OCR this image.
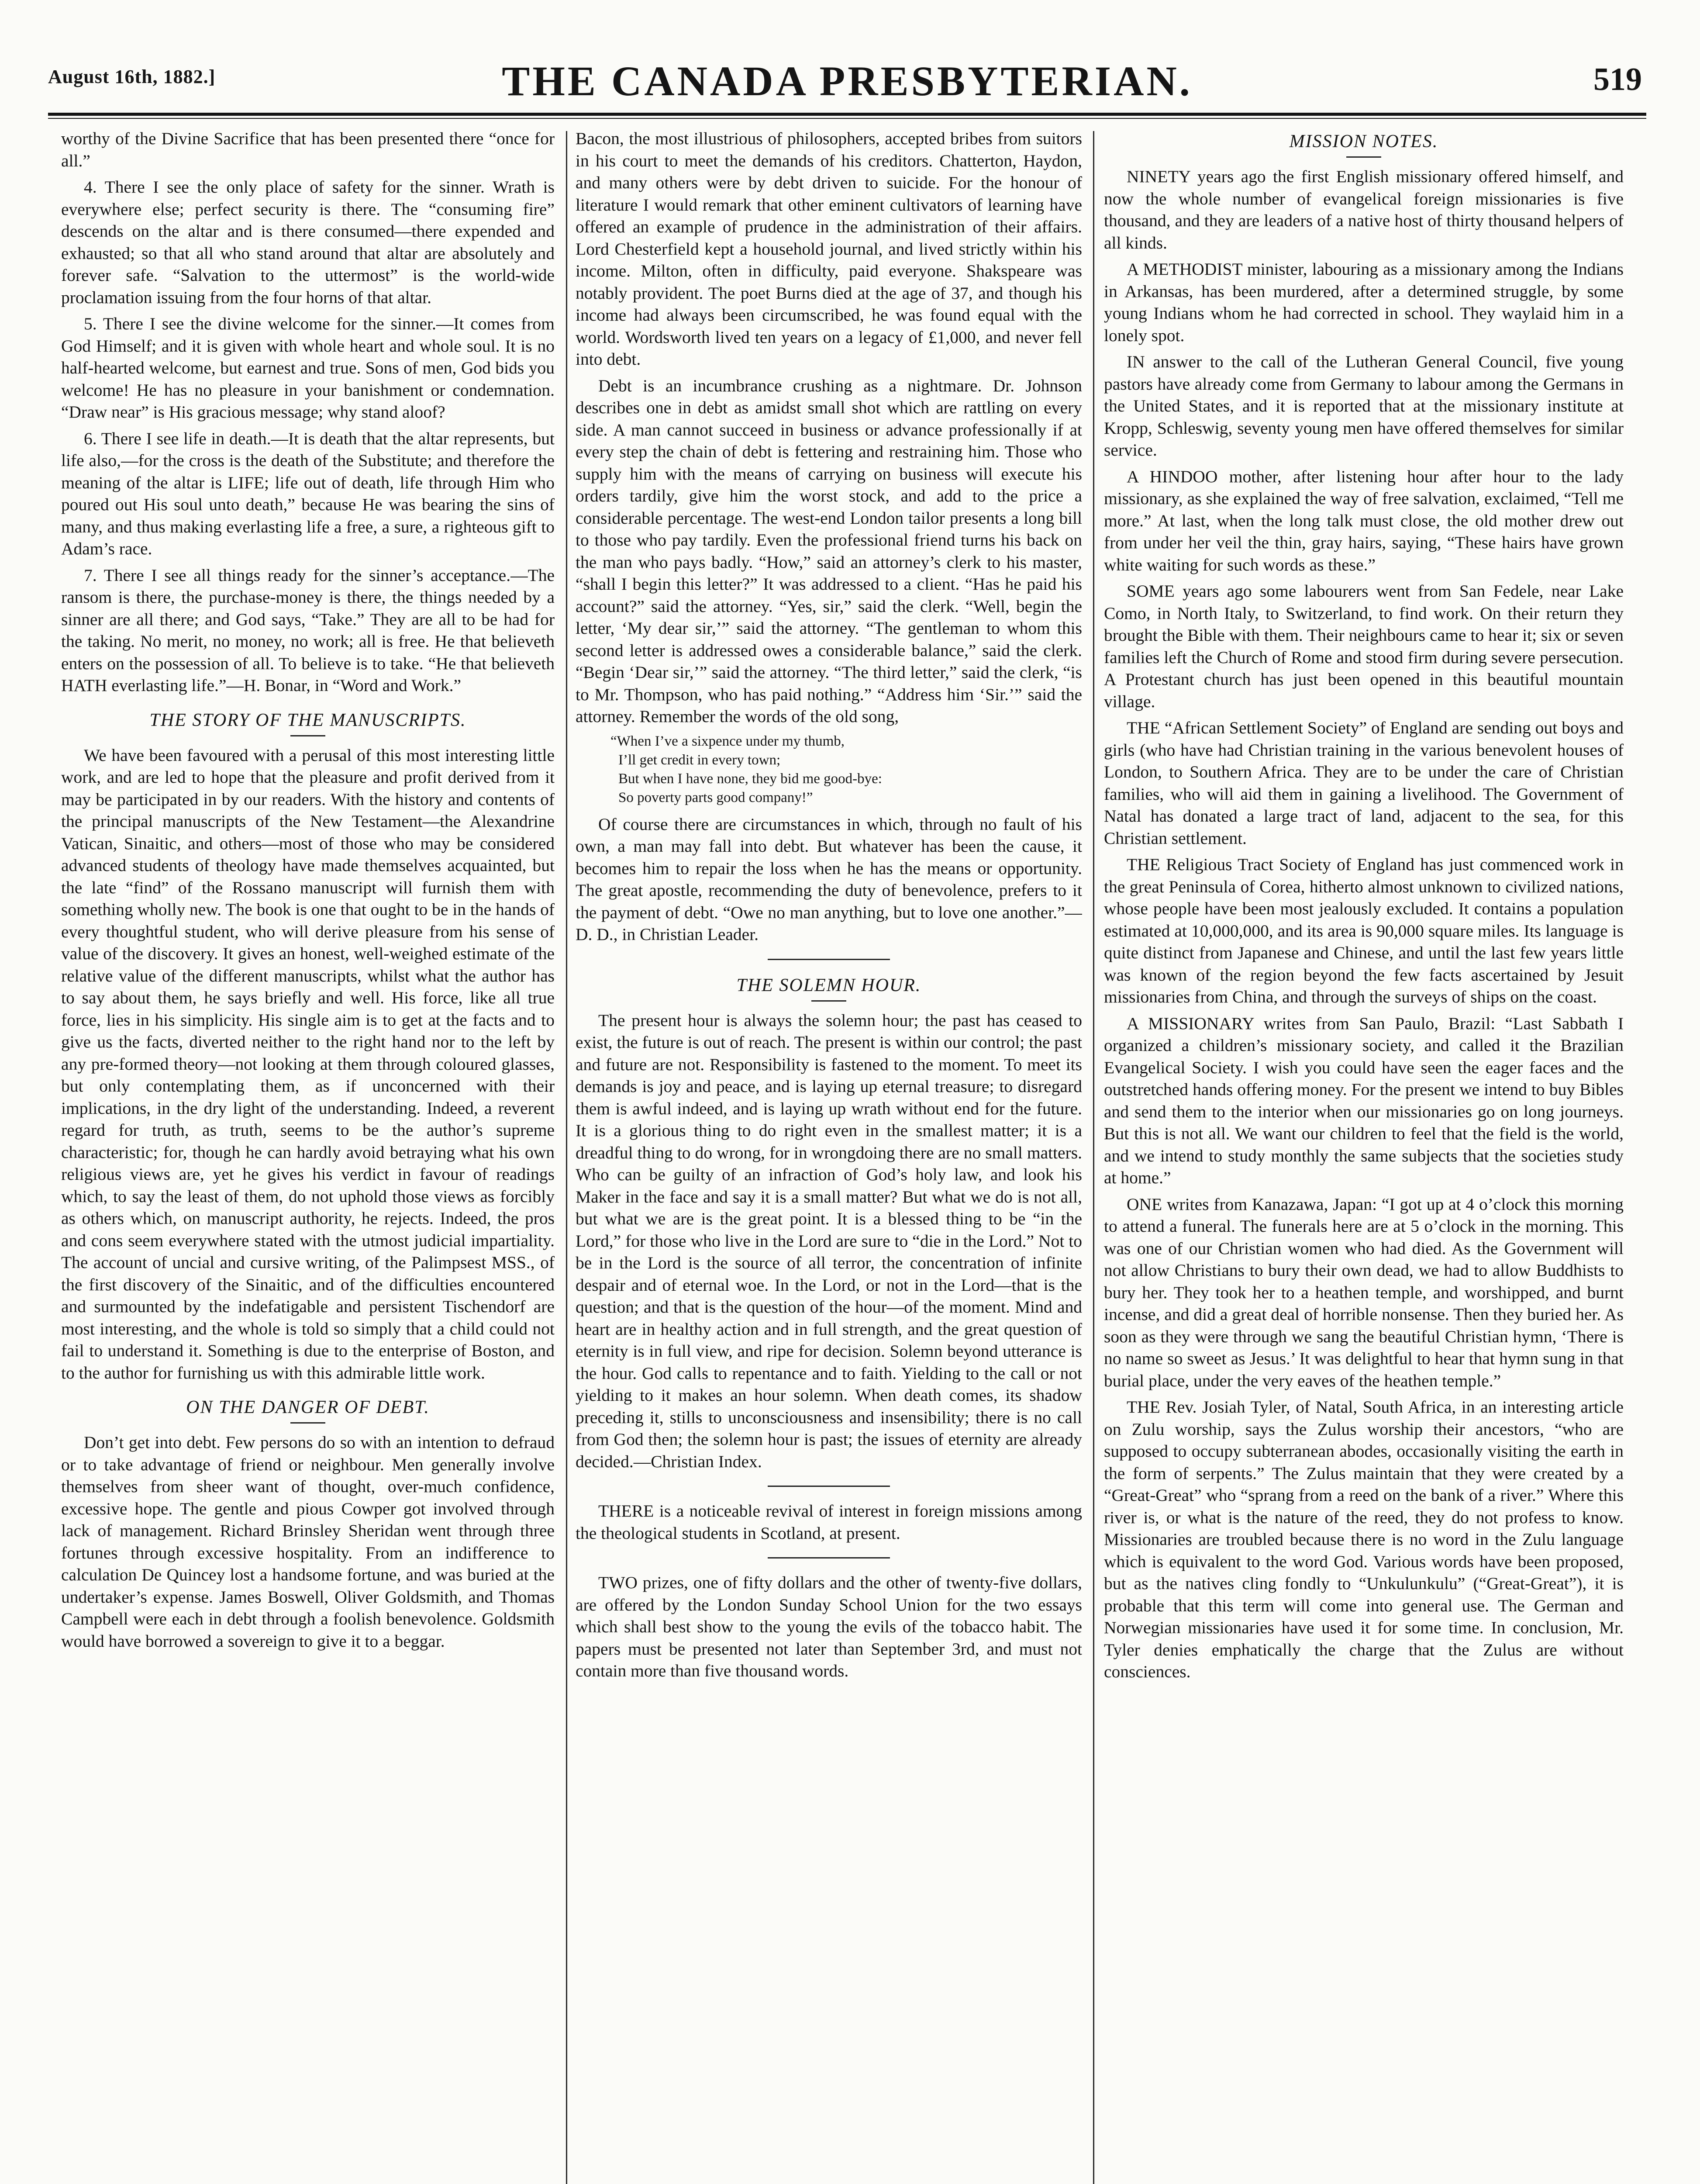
August 16th, 1882.]	THE CANADA PRESBYTERIAN.	519

worthy of the Divine Sacrifice that has been presented there “once for all.”

4. There I see the only place of safety for the sinner. Wrath is everywhere else; perfect security is there. The “consuming fire” descends on the altar and is there consumed—there expended and exhausted; so that all who stand around that altar are absolutely and forever safe. “Salvation to the uttermost” is the world-wide proclamation issuing from the four horns of that altar.

5. There I see the divine welcome for the sinner.—It comes from God Himself; and it is given with whole heart and whole soul. It is no half-hearted welcome, but earnest and true. Sons of men, God bids you welcome! He has no pleasure in your banishment or condemnation. “Draw near” is His gracious message; why stand aloof?

6. There I see life in death.—It is death that the altar represents, but life also,—for the cross is the death of the Substitute; and therefore the meaning of the altar is LIFE; life out of death, life through Him who poured out His soul unto death,” because He was bearing the sins of many, and thus making everlasting life a free, a sure, a righteous gift to Adam’s race.

7. There I see all things ready for the sinner’s acceptance.—The ransom is there, the purchase-money is there, the things needed by a sinner are all there; and God says, “Take.” They are all to be had for the taking. No merit, no money, no work; all is free. He that believeth enters on the possession of all. To believe is to take. “He that believeth HATH everlasting life.”—H. Bonar, in “Word and Work.”

THE STORY OF THE MANUSCRIPTS.

We have been favoured with a perusal of this most interesting little work, and are led to hope that the pleasure and profit derived from it may be participated in by our readers. With the history and contents of the principal manuscripts of the New Testament—the Alexandrine Vatican, Sinaitic, and others—most of those who may be considered advanced students of theology have made themselves acquainted, but the late “find” of the Rossano manuscript will furnish them with something wholly new. The book is one that ought to be in the hands of every thoughtful student, who will derive pleasure from his sense of value of the discovery. It gives an honest, well-weighed estimate of the relative value of the different manuscripts, whilst what the author has to say about them, he says briefly and well. His force, like all true force, lies in his simplicity. His single aim is to get at the facts and to give us the facts, diverted neither to the right hand nor to the left by any pre-formed theory—not looking at them through coloured glasses, but only contemplating them, as if unconcerned with their implications, in the dry light of the understanding. Indeed, a reverent regard for truth, as truth, seems to be the author’s supreme characteristic; for, though he can hardly avoid betraying what his own religious views are, yet he gives his verdict in favour of readings which, to say the least of them, do not uphold those views as forcibly as others which, on manuscript authority, he rejects. Indeed, the pros and cons seem everywhere stated with the utmost judicial impartiality. The account of uncial and cursive writing, of the Palimpsest MSS., of the first discovery of the Sinaitic, and of the difficulties encountered and surmounted by the indefatigable and persistent Tischendorf are most interesting, and the whole is told so simply that a child could not fail to understand it. Something is due to the enterprise of Boston, and to the author for furnishing us with this admirable little work.

ON THE DANGER OF DEBT.

Don’t get into debt. Few persons do so with an intention to defraud or to take advantage of friend or neighbour. Men generally involve themselves from sheer want of thought, over-much confidence, excessive hope. The gentle and pious Cowper got involved through lack of management. Richard Brinsley Sheridan went through three fortunes through excessive hospitality. From an indifference to calculation De Quincey lost a handsome fortune, and was buried at the undertaker’s expense. James Boswell, Oliver Goldsmith, and Thomas Campbell were each in debt through a foolish benevolence. Goldsmith would have borrowed a sovereign to give it to a beggar.

Bacon, the most illustrious of philosophers, accepted bribes from suitors in his court to meet the demands of his creditors. Chatterton, Haydon, and many others were by debt driven to suicide. For the honour of literature I would remark that other eminent cultivators of learning have offered an example of prudence in the administration of their affairs. Lord Chesterfield kept a household journal, and lived strictly within his income. Milton, often in difficulty, paid everyone. Shakspeare was notably provident. The poet Burns died at the age of 37, and though his income had always been circumscribed, he was found equal with the world. Wordsworth lived ten years on a legacy of £1,000, and never fell into debt.

Debt is an incumbrance crushing as a nightmare. Dr. Johnson describes one in debt as amidst small shot which are rattling on every side. A man cannot succeed in business or advance professionally if at every step the chain of debt is fettering and restraining him. Those who supply him with the means of carrying on business will execute his orders tardily, give him the worst stock, and add to the price a considerable percentage. The west-end London tailor presents a long bill to those who pay tardily. Even the professional friend turns his back on the man who pays badly. “How,” said an attorney’s clerk to his master, “shall I begin this letter?” It was addressed to a client. “Has he paid his account?” said the attorney. “Yes, sir,” said the clerk. “Well, begin the letter, ‘My dear sir,’” said the attorney. “The gentleman to whom this second letter is addressed owes a considerable balance,” said the clerk. “Begin ‘Dear sir,’” said the attorney. “The third letter,” said the clerk, “is to Mr. Thompson, who has paid nothing.” “Address him ‘Sir.’” said the attorney. Remember the words of the old song,

“When I’ve a sixpence under my thumb,
I’ll get credit in every town;
But when I have none, they bid me good-bye:
So poverty parts good company!”

Of course there are circumstances in which, through no fault of his own, a man may fall into debt. But whatever has been the cause, it becomes him to repair the loss when he has the means or opportunity. The great apostle, recommending the duty of benevolence, prefers to it the payment of debt. “Owe no man anything, but to love one another.”—D. D., in Christian Leader.

THE SOLEMN HOUR.

The present hour is always the solemn hour; the past has ceased to exist, the future is out of reach. The present is within our control; the past and future are not. Responsibility is fastened to the moment. To meet its demands is joy and peace, and is laying up eternal treasure; to disregard them is awful indeed, and is laying up wrath without end for the future. It is a glorious thing to do right even in the smallest matter; it is a dreadful thing to do wrong, for in wrongdoing there are no small matters. Who can be guilty of an infraction of God’s holy law, and look his Maker in the face and say it is a small matter? But what we do is not all, but what we are is the great point. It is a blessed thing to be “in the Lord,” for those who live in the Lord are sure to “die in the Lord.” Not to be in the Lord is the source of all terror, the concentration of infinite despair and of eternal woe. In the Lord, or not in the Lord—that is the question; and that is the question of the hour—of the moment. Mind and heart are in healthy action and in full strength, and the great question of eternity is in full view, and ripe for decision. Solemn beyond utterance is the hour. God calls to repentance and to faith. Yielding to the call or not yielding to it makes an hour solemn. When death comes, its shadow preceding it, stills to unconsciousness and insensibility; there is no call from God then; the solemn hour is past; the issues of eternity are already decided.—Christian Index.

THERE is a noticeable revival of interest in foreign missions among the theological students in Scotland, at present.

TWO prizes, one of fifty dollars and the other of twenty-five dollars, are offered by the London Sunday School Union for the two essays which shall best show to the young the evils of the tobacco habit. The papers must be presented not later than September 3rd, and must not contain more than five thousand words.

MISSION NOTES.

NINETY years ago the first English missionary offered himself, and now the whole number of evangelical foreign missionaries is five thousand, and they are leaders of a native host of thirty thousand helpers of all kinds.

A METHODIST minister, labouring as a missionary among the Indians in Arkansas, has been murdered, after a determined struggle, by some young Indians whom he had corrected in school. They waylaid him in a lonely spot.

IN answer to the call of the Lutheran General Council, five young pastors have already come from Germany to labour among the Germans in the United States, and it is reported that at the missionary institute at Kropp, Schleswig, seventy young men have offered themselves for similar service.

A HINDOO mother, after listening hour after hour to the lady missionary, as she explained the way of free salvation, exclaimed, “Tell me more.” At last, when the long talk must close, the old mother drew out from under her veil the thin, gray hairs, saying, “These hairs have grown white waiting for such words as these.”

SOME years ago some labourers went from San Fedele, near Lake Como, in North Italy, to Switzerland, to find work. On their return they brought the Bible with them. Their neighbours came to hear it; six or seven families left the Church of Rome and stood firm during severe persecution. A Protestant church has just been opened in this beautiful mountain village.

THE “African Settlement Society” of England are sending out boys and girls (who have had Christian training in the various benevolent houses of London, to Southern Africa. They are to be under the care of Christian families, who will aid them in gaining a livelihood. The Government of Natal has donated a large tract of land, adjacent to the sea, for this Christian settlement.

THE Religious Tract Society of England has just commenced work in the great Peninsula of Corea, hitherto almost unknown to civilized nations, whose people have been most jealously excluded. It contains a population estimated at 10,000,000, and its area is 90,000 square miles. Its language is quite distinct from Japanese and Chinese, and until the last few years little was known of the region beyond the few facts ascertained by Jesuit missionaries from China, and through the surveys of ships on the coast.

A MISSIONARY writes from San Paulo, Brazil: “Last Sabbath I organized a children’s missionary society, and called it the Brazilian Evangelical Society. I wish you could have seen the eager faces and the outstretched hands offering money. For the present we intend to buy Bibles and send them to the interior when our missionaries go on long journeys. But this is not all. We want our children to feel that the field is the world, and we intend to study monthly the same subjects that the societies study at home.”

ONE writes from Kanazawa, Japan: “I got up at 4 o’clock this morning to attend a funeral. The funerals here are at 5 o’clock in the morning. This was one of our Christian women who had died. As the Government will not allow Christians to bury their own dead, we had to allow Buddhists to bury her. They took her to a heathen temple, and worshipped, and burnt incense, and did a great deal of horrible nonsense. Then they buried her. As soon as they were through we sang the beautiful Christian hymn, ‘There is no name so sweet as Jesus.’ It was delightful to hear that hymn sung in that burial place, under the very eaves of the heathen temple.”

THE Rev. Josiah Tyler, of Natal, South Africa, in an interesting article on Zulu worship, says the Zulus worship their ancestors, “who are supposed to occupy subterranean abodes, occasionally visiting the earth in the form of serpents.” The Zulus maintain that they were created by a “Great-Great” who “sprang from a reed on the bank of a river.” Where this river is, or what is the nature of the reed, they do not profess to know. Missionaries are troubled because there is no word in the Zulu language which is equivalent to the word God. Various words have been proposed, but as the natives cling fondly to “Unkulunkulu” (“Great-Great”), it is probable that this term will come into general use. The German and Norwegian missionaries have used it for some time. In conclusion, Mr. Tyler denies emphatically the charge that the Zulus are without consciences.
